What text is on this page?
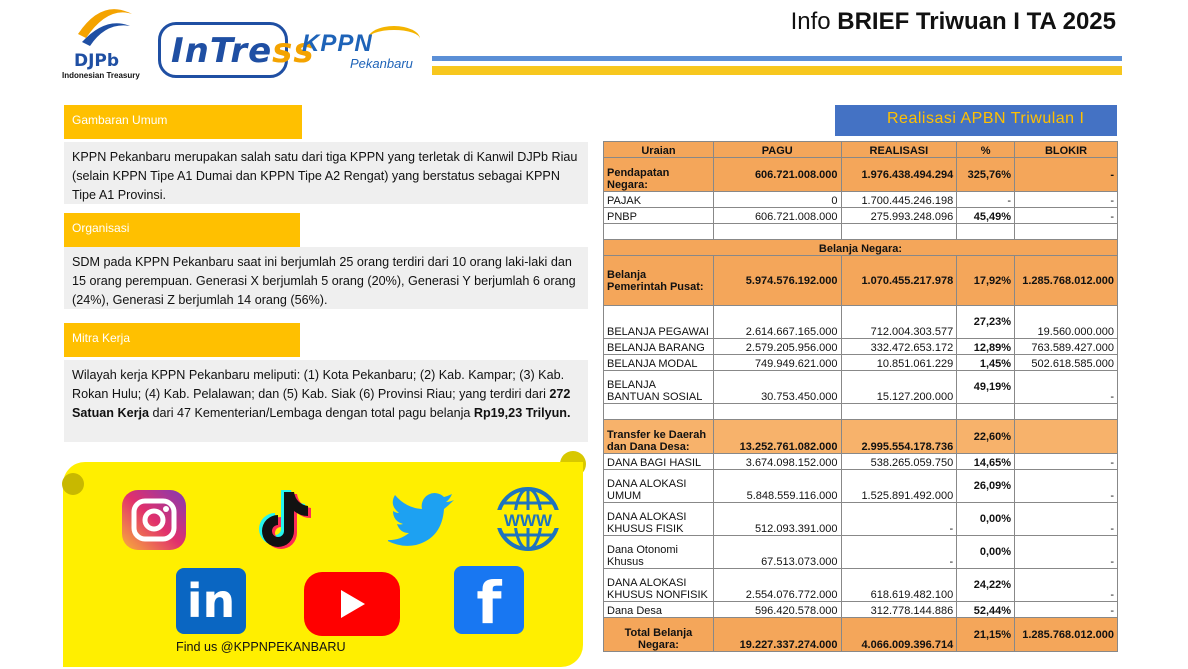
DJPb
Indonesian Treasury
InTress
KPPN
Pekanbaru
Info BRIEF Triwuan I TA 2025
Gambaran Umum
KPPN Pekanbaru merupakan salah satu dari tiga KPPN yang terletak di Kanwil DJPb Riau (selain KPPN Tipe A1 Dumai dan KPPN Tipe A2 Rengat) yang berstatus sebagai KPPN Tipe A1 Provinsi.
Organisasi
SDM pada KPPN Pekanbaru saat ini berjumlah 25 orang terdiri dari 10 orang laki-laki dan 15 orang perempuan. Generasi X berjumlah 5 orang (20%), Generasi Y berjumlah 6 orang (24%), Generasi Z berjumlah 14 orang (56%).
Mitra Kerja
Wilayah kerja KPPN Pekanbaru meliputi: (1) Kota Pekanbaru; (2) Kab. Kampar; (3) Kab. Rokan Hulu; (4) Kab. Pelalawan; dan (5) Kab. Siak (6) Provinsi Riau; yang terdiri dari 272 Satuan Kerja dari 47 Kementerian/Lembaga dengan total pagu belanja Rp19,23 Trilyun.
WWW
in	f
Find us @KPPNPEKANBARU
Realisasi APBN Triwulan I
Uraian	PAGU	REALISASI	%	BLOKIR
Pendapatan
Negara:	606.721.008.000	1.976.438.494.294	325,76%	-
PAJAK	0	1.700.445.246.198	-	-
PNBP	606.721.008.000	275.993.248.096	45,49%	-

Belanja Negara:				
Belanja
Pemerintah Pusat:	5.974.576.192.000	1.070.455.217.978	17,92%	1.285.768.012.000
BELANJA PEGAWAI	2.614.667.165.000	712.004.303.577	27,23%	19.560.000.000
BELANJA BARANG	2.579.205.956.000	332.472.653.172	12,89%	763.589.427.000
BELANJA MODAL	749.949.621.000	10.851.061.229	1,45%	502.618.585.000
BELANJA
BANTUAN SOSIAL	30.753.450.000	15.127.200.000	49,19%	-

Transfer ke Daerah
dan Dana Desa:	13.252.761.082.000	2.995.554.178.736	22,60%	
DANA BAGI HASIL	3.674.098.152.000	538.265.059.750	14,65%	-
DANA ALOKASI
UMUM	5.848.559.116.000	1.525.891.492.000	26,09%	-
DANA ALOKASI
KHUSUS FISIK	512.093.391.000	-	0,00%	-
Dana Otonomi
Khusus	67.513.073.000	-	0,00%	-
DANA ALOKASI
KHUSUS NONFISIK	2.554.076.772.000	618.619.482.100	24,22%	-
Dana Desa	596.420.578.000	312.778.144.886	52,44%	-
Total Belanja
Negara:	19.227.337.274.000	4.066.009.396.714	21,15%	1.285.768.012.000
